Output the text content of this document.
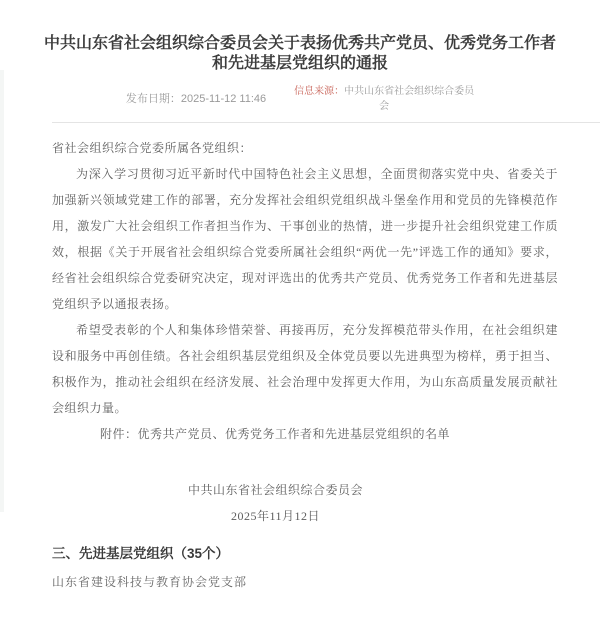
中共山东省社会组织综合委员会关于表扬优秀共产党员、优秀党务工作者和先进基层党组织的通报
发布日期：2025-11-12 11:46
信息来源：中共山东省社会组织综合委员会

省社会组织综合党委所属各党组织：

为深入学习贯彻习近平新时代中国特色社会主义思想，全面贯彻落实党中央、省委关于加强新兴领域党建工作的部署，充分发挥社会组织党组织战斗堡垒作用和党员的先锋模范作用，激发广大社会组织工作者担当作为、干事创业的热情，进一步提升社会组织党建工作质效，根据《关于开展省社会组织综合党委所属社会组织“两优一先”评选工作的通知》要求，经省社会组织综合党委研究决定，现对评选出的优秀共产党员、优秀党务工作者和先进基层党组织予以通报表扬。

希望受表彰的个人和集体珍惜荣誉、再接再厉，充分发挥模范带头作用，在社会组织建设和服务中再创佳绩。各社会组织基层党组织及全体党员要以先进典型为榜样，勇于担当、积极作为，推动社会组织在经济发展、社会治理中发挥更大作用，为山东高质量发展贡献社会组织力量。

附件：优秀共产党员、优秀党务工作者和先进基层党组织的名单

中共山东省社会组织综合委员会
2025年11月12日
三、先进基层党组织（35个）

山东省建设科技与教育协会党支部
